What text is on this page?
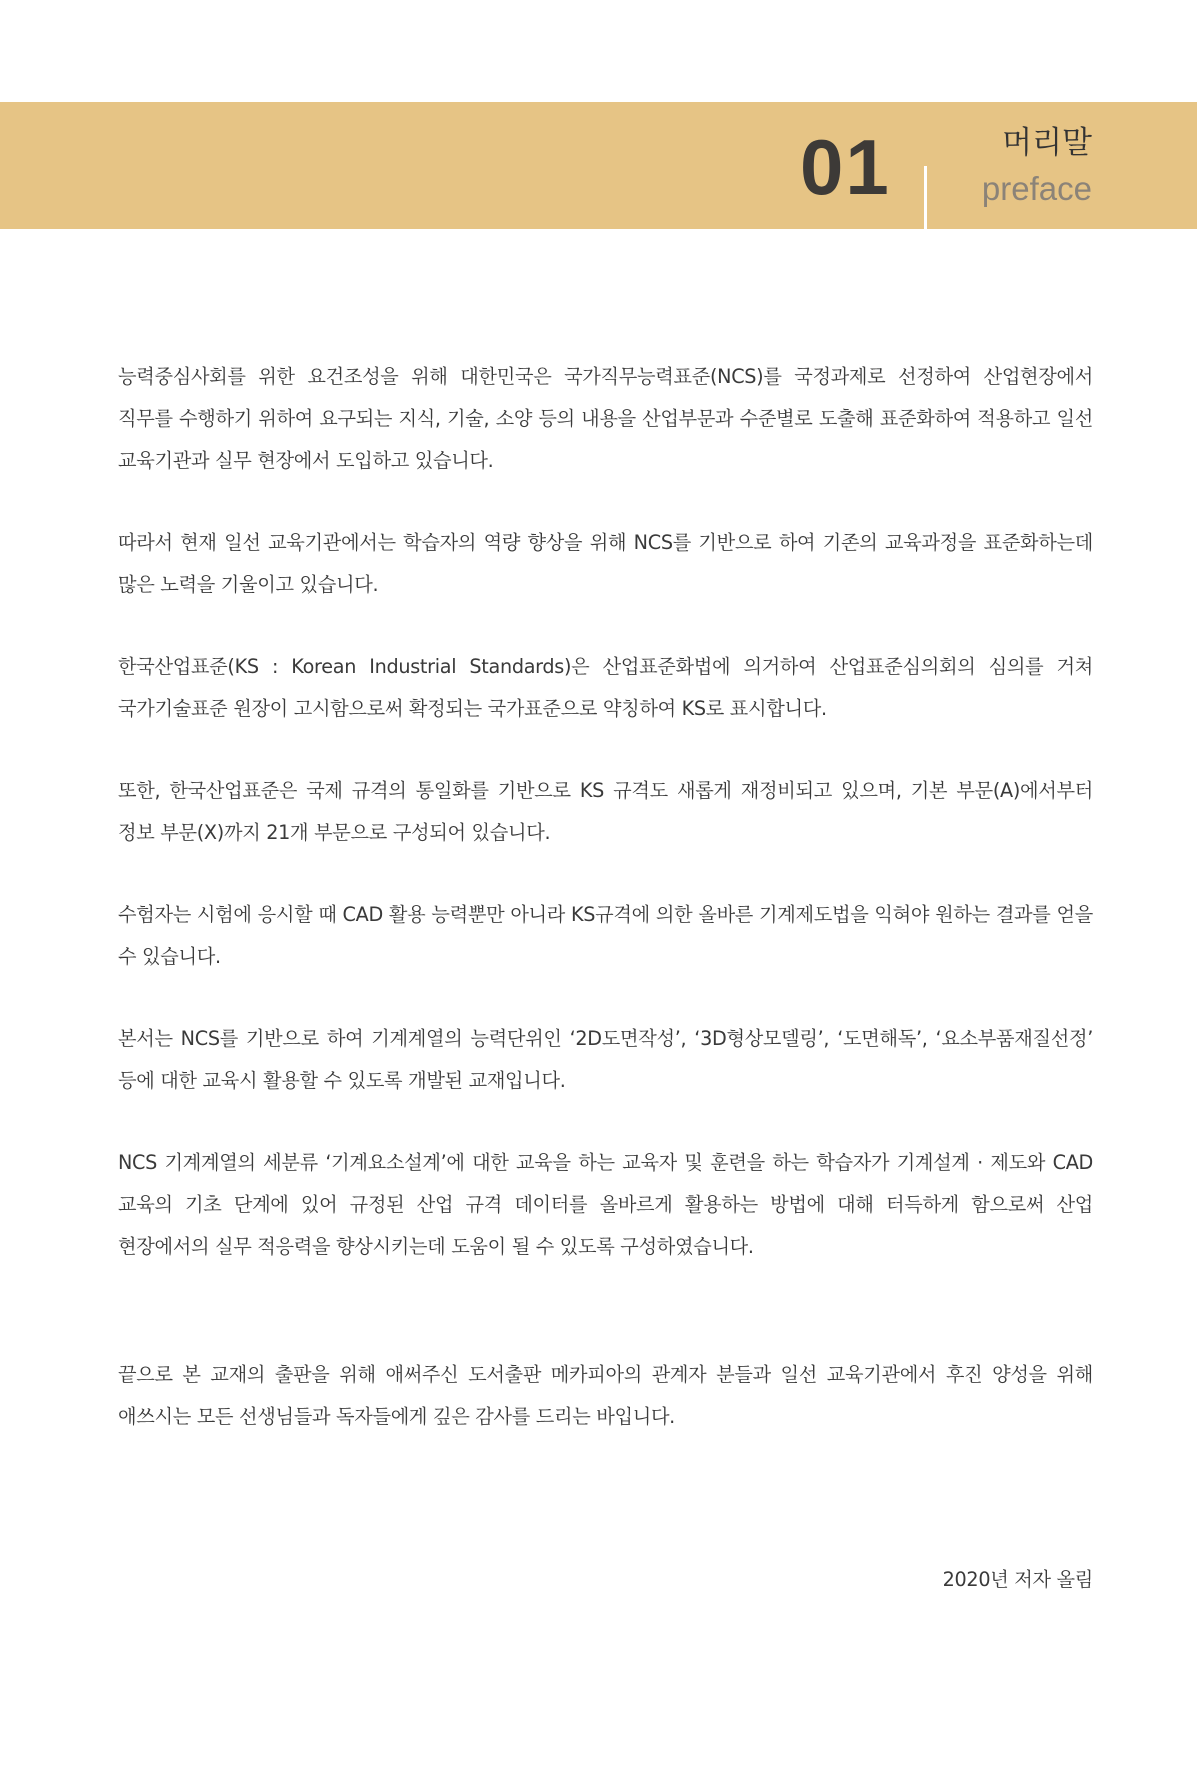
01	머리말
preface

능력중심사회를 위한 요건조성을 위해 대한민국은 국가직무능력표준(NCS)를 국정과제로 선정하여 산업현장에서 직무를 수행하기 위하여 요구되는 지식, 기술, 소양 등의 내용을 산업부문과 수준별로 도출해 표준화하여 적용하고 일선 교육기관과 실무 현장에서 도입하고 있습니다.

따라서 현재 일선 교육기관에서는 학습자의 역량 향상을 위해 NCS를 기반으로 하여 기존의 교육과정을 표준화하는데 많은 노력을 기울이고 있습니다.

한국산업표준(KS : Korean Industrial Standards)은 산업표준화법에 의거하여 산업표준심의회의 심의를 거쳐 국가기술표준 원장이 고시함으로써 확정되는 국가표준으로 약칭하여 KS로 표시합니다.

또한, 한국산업표준은 국제 규격의 통일화를 기반으로 KS 규격도 새롭게 재정비되고 있으며, 기본 부문(A)에서부터 정보 부문(X)까지 21개 부문으로 구성되어 있습니다.

수험자는 시험에 응시할 때 CAD 활용 능력뿐만 아니라 KS규격에 의한 올바른 기계제도법을 익혀야 원하는 결과를 얻을 수 있습니다.

본서는 NCS를 기반으로 하여 기계계열의 능력단위인 ‘2D도면작성’, ‘3D형상모델링’, ‘도면해독’, ‘요소부품재질선정’ 등에 대한 교육시 활용할 수 있도록 개발된 교재입니다.

NCS 기계계열의 세분류 ‘기계요소설계’에 대한 교육을 하는 교육자 및 훈련을 하는 학습자가 기계설계 · 제도와 CAD 교육의 기초 단계에 있어 규정된 산업 규격 데이터를 올바르게 활용하는 방법에 대해 터득하게 함으로써 산업 현장에서의 실무 적응력을 향상시키는데 도움이 될 수 있도록 구성하였습니다.

끝으로 본 교재의 출판을 위해 애써주신 도서출판 메카피아의 관계자 분들과 일선 교육기관에서 후진 양성을 위해 애쓰시는 모든 선생님들과 독자들에게 깊은 감사를 드리는 바입니다.

2020년 저자 올림
